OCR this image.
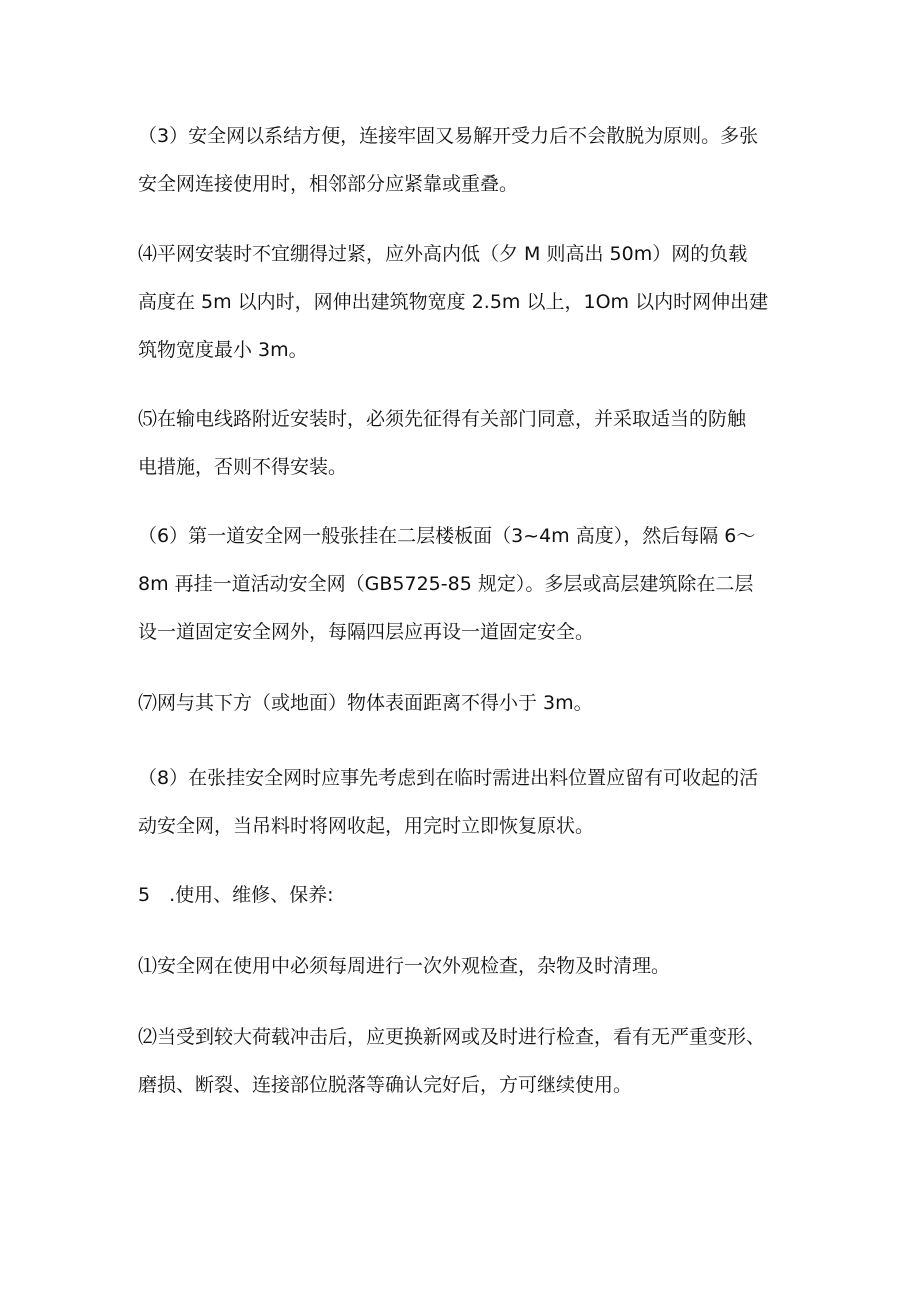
（3）安全网以系结方便，连接牢固又易解开受力后不会散脱为原则。多张
安全网连接使用时，相邻部分应紧靠或重叠。
⑷平网安装时不宜绷得过紧，应外高内低（夕 M 则高出 50m）网的负载
高度在 5m 以内时，网伸出建筑物宽度 2.5m 以上，1Om 以内时网伸出建
筑物宽度最小 3m。
⑸在输电线路附近安装时，必须先征得有关部门同意，并采取适当的防触
电措施，否则不得安装。
（6）第一道安全网一般张挂在二层楼板面（3~4m 高度），然后每隔 6〜
8m 再挂一道活动安全网（GB5725-85 规定）。多层或高层建筑除在二层
设一道固定安全网外，每隔四层应再设一道固定安全。
⑺网与其下方（或地面）物体表面距离不得小于 3m。
（8）在张挂安全网时应事先考虑到在临时需进出料位置应留有可收起的活
动安全网，当吊料时将网收起，用完时立即恢复原状。
5　.使用、维修、保养:
⑴安全网在使用中必须每周进行一次外观检查，杂物及时清理。
⑵当受到较大荷载冲击后，应更换新网或及时进行检查，看有无严重变形、
磨损、断裂、连接部位脱落等确认完好后，方可继续使用。
